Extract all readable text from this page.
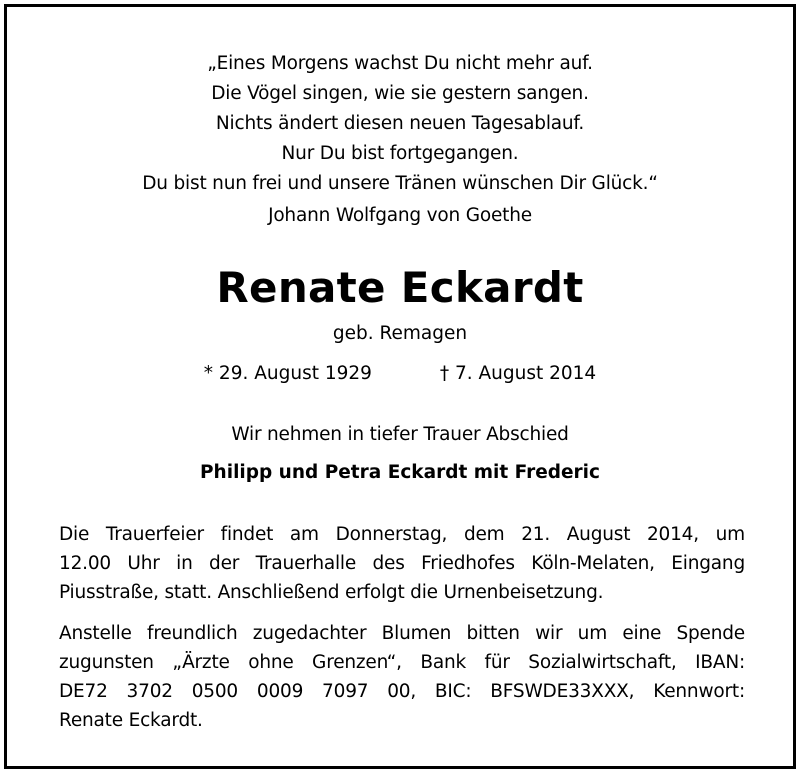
„Eines Morgens wachst Du nicht mehr auf.
Die Vögel singen, wie sie gestern sangen.
Nichts ändert diesen neuen Tagesablauf.
Nur Du bist fortgegangen.
Du bist nun frei und unsere Tränen wünschen Dir Glück.“
Johann Wolfgang von Goethe
Renate Eckardt
geb. Remagen
* 29. August 1929	† 7. August 2014
Wir nehmen in tiefer Trauer Abschied
Philipp und Petra Eckardt mit Frederic
Die Trauerfeier findet am Donnerstag, dem 21. August 2014, um
12.00 Uhr in der Trauerhalle des Friedhofes Köln-Melaten, Eingang
Piusstraße, statt. Anschließend erfolgt die Urnenbeisetzung.
Anstelle freundlich zugedachter Blumen bitten wir um eine Spende
zugunsten „Ärzte ohne Grenzen“, Bank für Sozialwirtschaft, IBAN:
DE72 3702 0500 0009 7097 00, BIC: BFSWDE33XXX, Kennwort:
Renate Eckardt.
